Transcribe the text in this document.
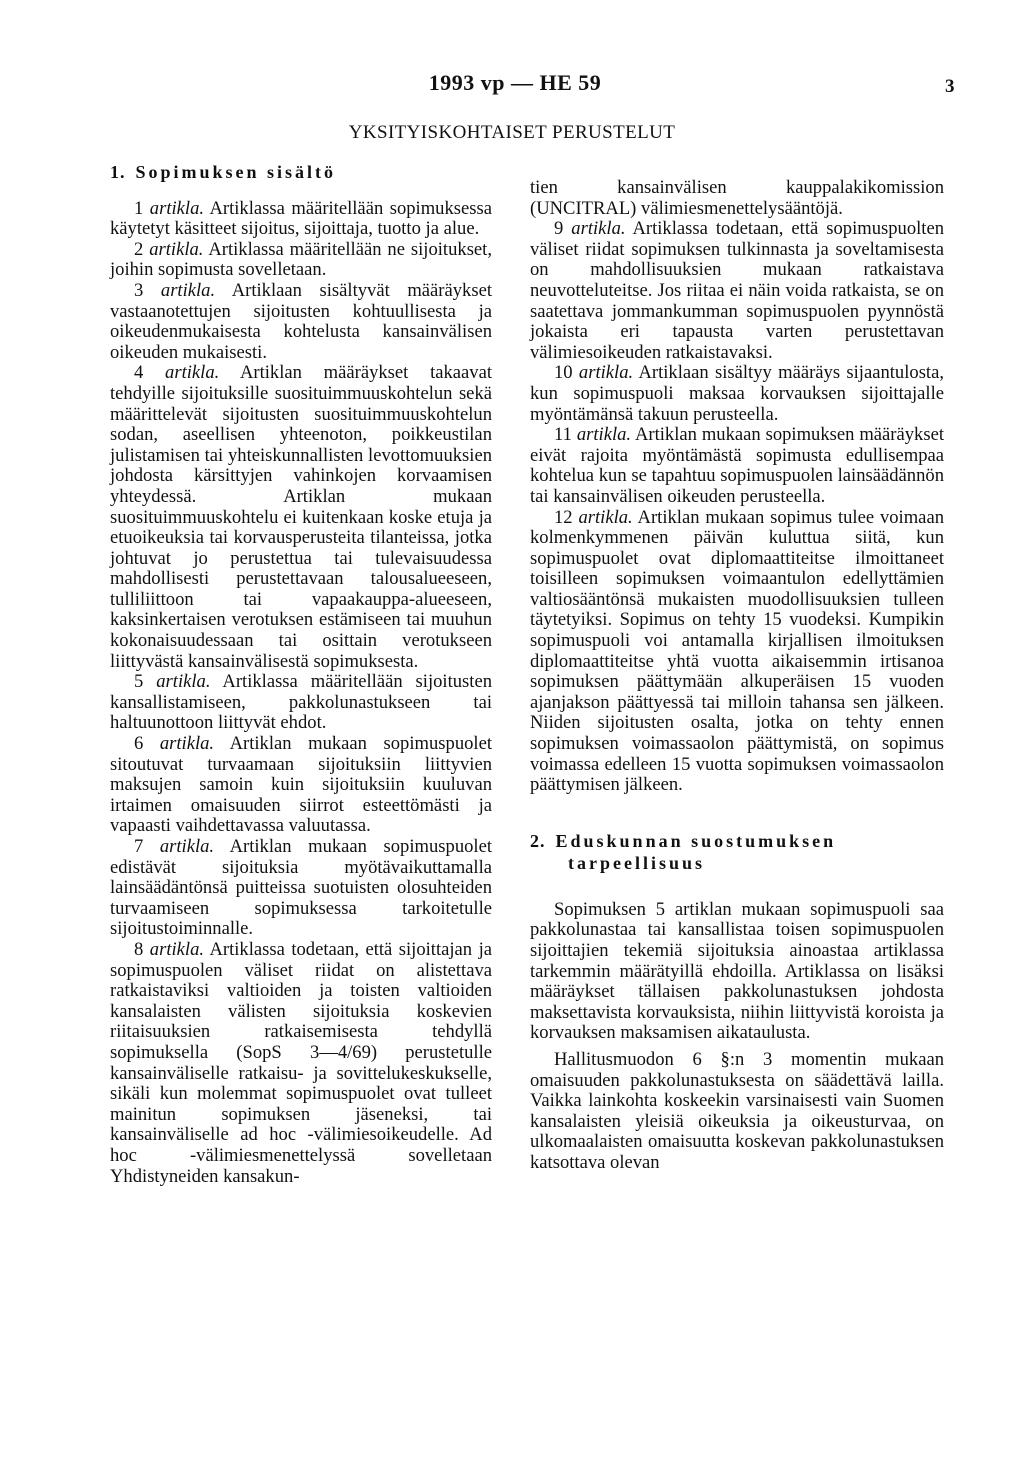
1993 vp — HE 59	3
YKSITYISKOHTAISET PERUSTELUT
1. Sopimuksen sisältö

1 artikla. Artiklassa määritellään sopimuksessa käytetyt käsitteet sijoitus, sijoittaja, tuotto ja alue.

2 artikla. Artiklassa määritellään ne sijoitukset, joihin sopimusta sovelletaan.

3 artikla. Artiklaan sisältyvät määräykset vastaanotettujen sijoitusten kohtuullisesta ja oikeudenmukaisesta kohtelusta kansainvälisen oikeuden mukaisesti.

4 artikla. Artiklan määräykset takaavat tehdyille sijoituksille suosituimmuuskohtelun sekä määrittelevät sijoitusten suosituimmuuskohtelun sodan, aseellisen yhteenoton, poikkeustilan julistamisen tai yhteiskunnallisten levottomuuksien johdosta kärsittyjen vahinkojen korvaamisen yhteydessä. Artiklan mukaan suosituimmuuskohtelu ei kuitenkaan koske etuja ja etuoikeuksia tai korvausperusteita tilanteissa, jotka johtuvat jo perustettua tai tulevaisuudessa mahdollisesti perustettavaan talousalueeseen, tulliliittoon tai vapaakauppa-alueeseen, kaksinkertaisen verotuksen estämiseen tai muuhun kokonaisuudessaan tai osittain verotukseen liittyvästä kansainvälisestä sopimuksesta.

5 artikla. Artiklassa määritellään sijoitusten kansallistamiseen, pakkolunastukseen tai haltuunottoon liittyvät ehdot.

6 artikla. Artiklan mukaan sopimuspuolet sitoutuvat turvaamaan sijoituksiin liittyvien maksujen samoin kuin sijoituksiin kuuluvan irtaimen omaisuuden siirrot esteettömästi ja vapaasti vaihdettavassa valuutassa.

7 artikla. Artiklan mukaan sopimuspuolet edistävät sijoituksia myötävaikuttamalla lainsäädäntönsä puitteissa suotuisten olosuhteiden turvaamiseen sopimuksessa tarkoitetulle sijoitustoiminnalle.

8 artikla. Artiklassa todetaan, että sijoittajan ja sopimuspuolen väliset riidat on alistettava ratkaistaviksi valtioiden ja toisten valtioiden kansalaisten välisten sijoituksia koskevien riitaisuuksien ratkaisemisesta tehdyllä sopimuksella (SopS 3—4/69) perustetulle kansainväliselle ratkaisu- ja sovittelukeskukselle, sikäli kun molemmat sopimuspuolet ovat tulleet mainitun sopimuksen jäseneksi, tai kansainväliselle ad hoc -välimiesoikeudelle. Ad hoc -välimiesmenettelyssä sovelletaan Yhdistyneiden kansakun-

tien kansainvälisen kauppalakikomission (UNCITRAL) välimiesmenettelysääntöjä.

9 artikla. Artiklassa todetaan, että sopimuspuolten väliset riidat sopimuksen tulkinnasta ja soveltamisesta on mahdollisuuksien mukaan ratkaistava neuvotteluteitse. Jos riitaa ei näin voida ratkaista, se on saatettava jommankumman sopimuspuolen pyynnöstä jokaista eri tapausta varten perustettavan välimiesoikeuden ratkaistavaksi.

10 artikla. Artiklaan sisältyy määräys sijaantulosta, kun sopimuspuoli maksaa korvauksen sijoittajalle myöntämänsä takuun perusteella.

11 artikla. Artiklan mukaan sopimuksen määräykset eivät rajoita myöntämästä sopimusta edullisempaa kohtelua kun se tapahtuu sopimuspuolen lainsäädännön tai kansainvälisen oikeuden perusteella.

12 artikla. Artiklan mukaan sopimus tulee voimaan kolmenkymmenen päivän kuluttua siitä, kun sopimuspuolet ovat diplomaattiteitse ilmoittaneet toisilleen sopimuksen voimaantulon edellyttämien valtiosääntönsä mukaisten muodollisuuksien tulleen täytetyiksi. Sopimus on tehty 15 vuodeksi. Kumpikin sopimuspuoli voi antamalla kirjallisen ilmoituksen diplomaattiteitse yhtä vuotta aikaisemmin irtisanoa sopimuksen päättymään alkuperäisen 15 vuoden ajanjakson päättyessä tai milloin tahansa sen jälkeen. Niiden sijoitusten osalta, jotka on tehty ennen sopimuksen voimassaolon päättymistä, on sopimus voimassa edelleen 15 vuotta sopimuksen voimassaolon päättymisen jälkeen.

2. Eduskunnan suostumuksen
tarpeellisuus

Sopimuksen 5 artiklan mukaan sopimuspuoli saa pakkolunastaa tai kansallistaa toisen sopimuspuolen sijoittajien tekemiä sijoituksia ainoastaa artiklassa tarkemmin määrätyillä ehdoilla. Artiklassa on lisäksi määräykset tällaisen pakkolunastuksen johdosta maksettavista korvauksista, niihin liittyvistä koroista ja korvauksen maksamisen aikataulusta.

Hallitusmuodon 6 §:n 3 momentin mukaan omaisuuden pakkolunastuksesta on säädettävä lailla. Vaikka lainkohta koskeekin varsinaisesti vain Suomen kansalaisten yleisiä oikeuksia ja oikeusturvaa, on ulkomaalaisten omaisuutta koskevan pakkolunastuksen katsottava olevan
